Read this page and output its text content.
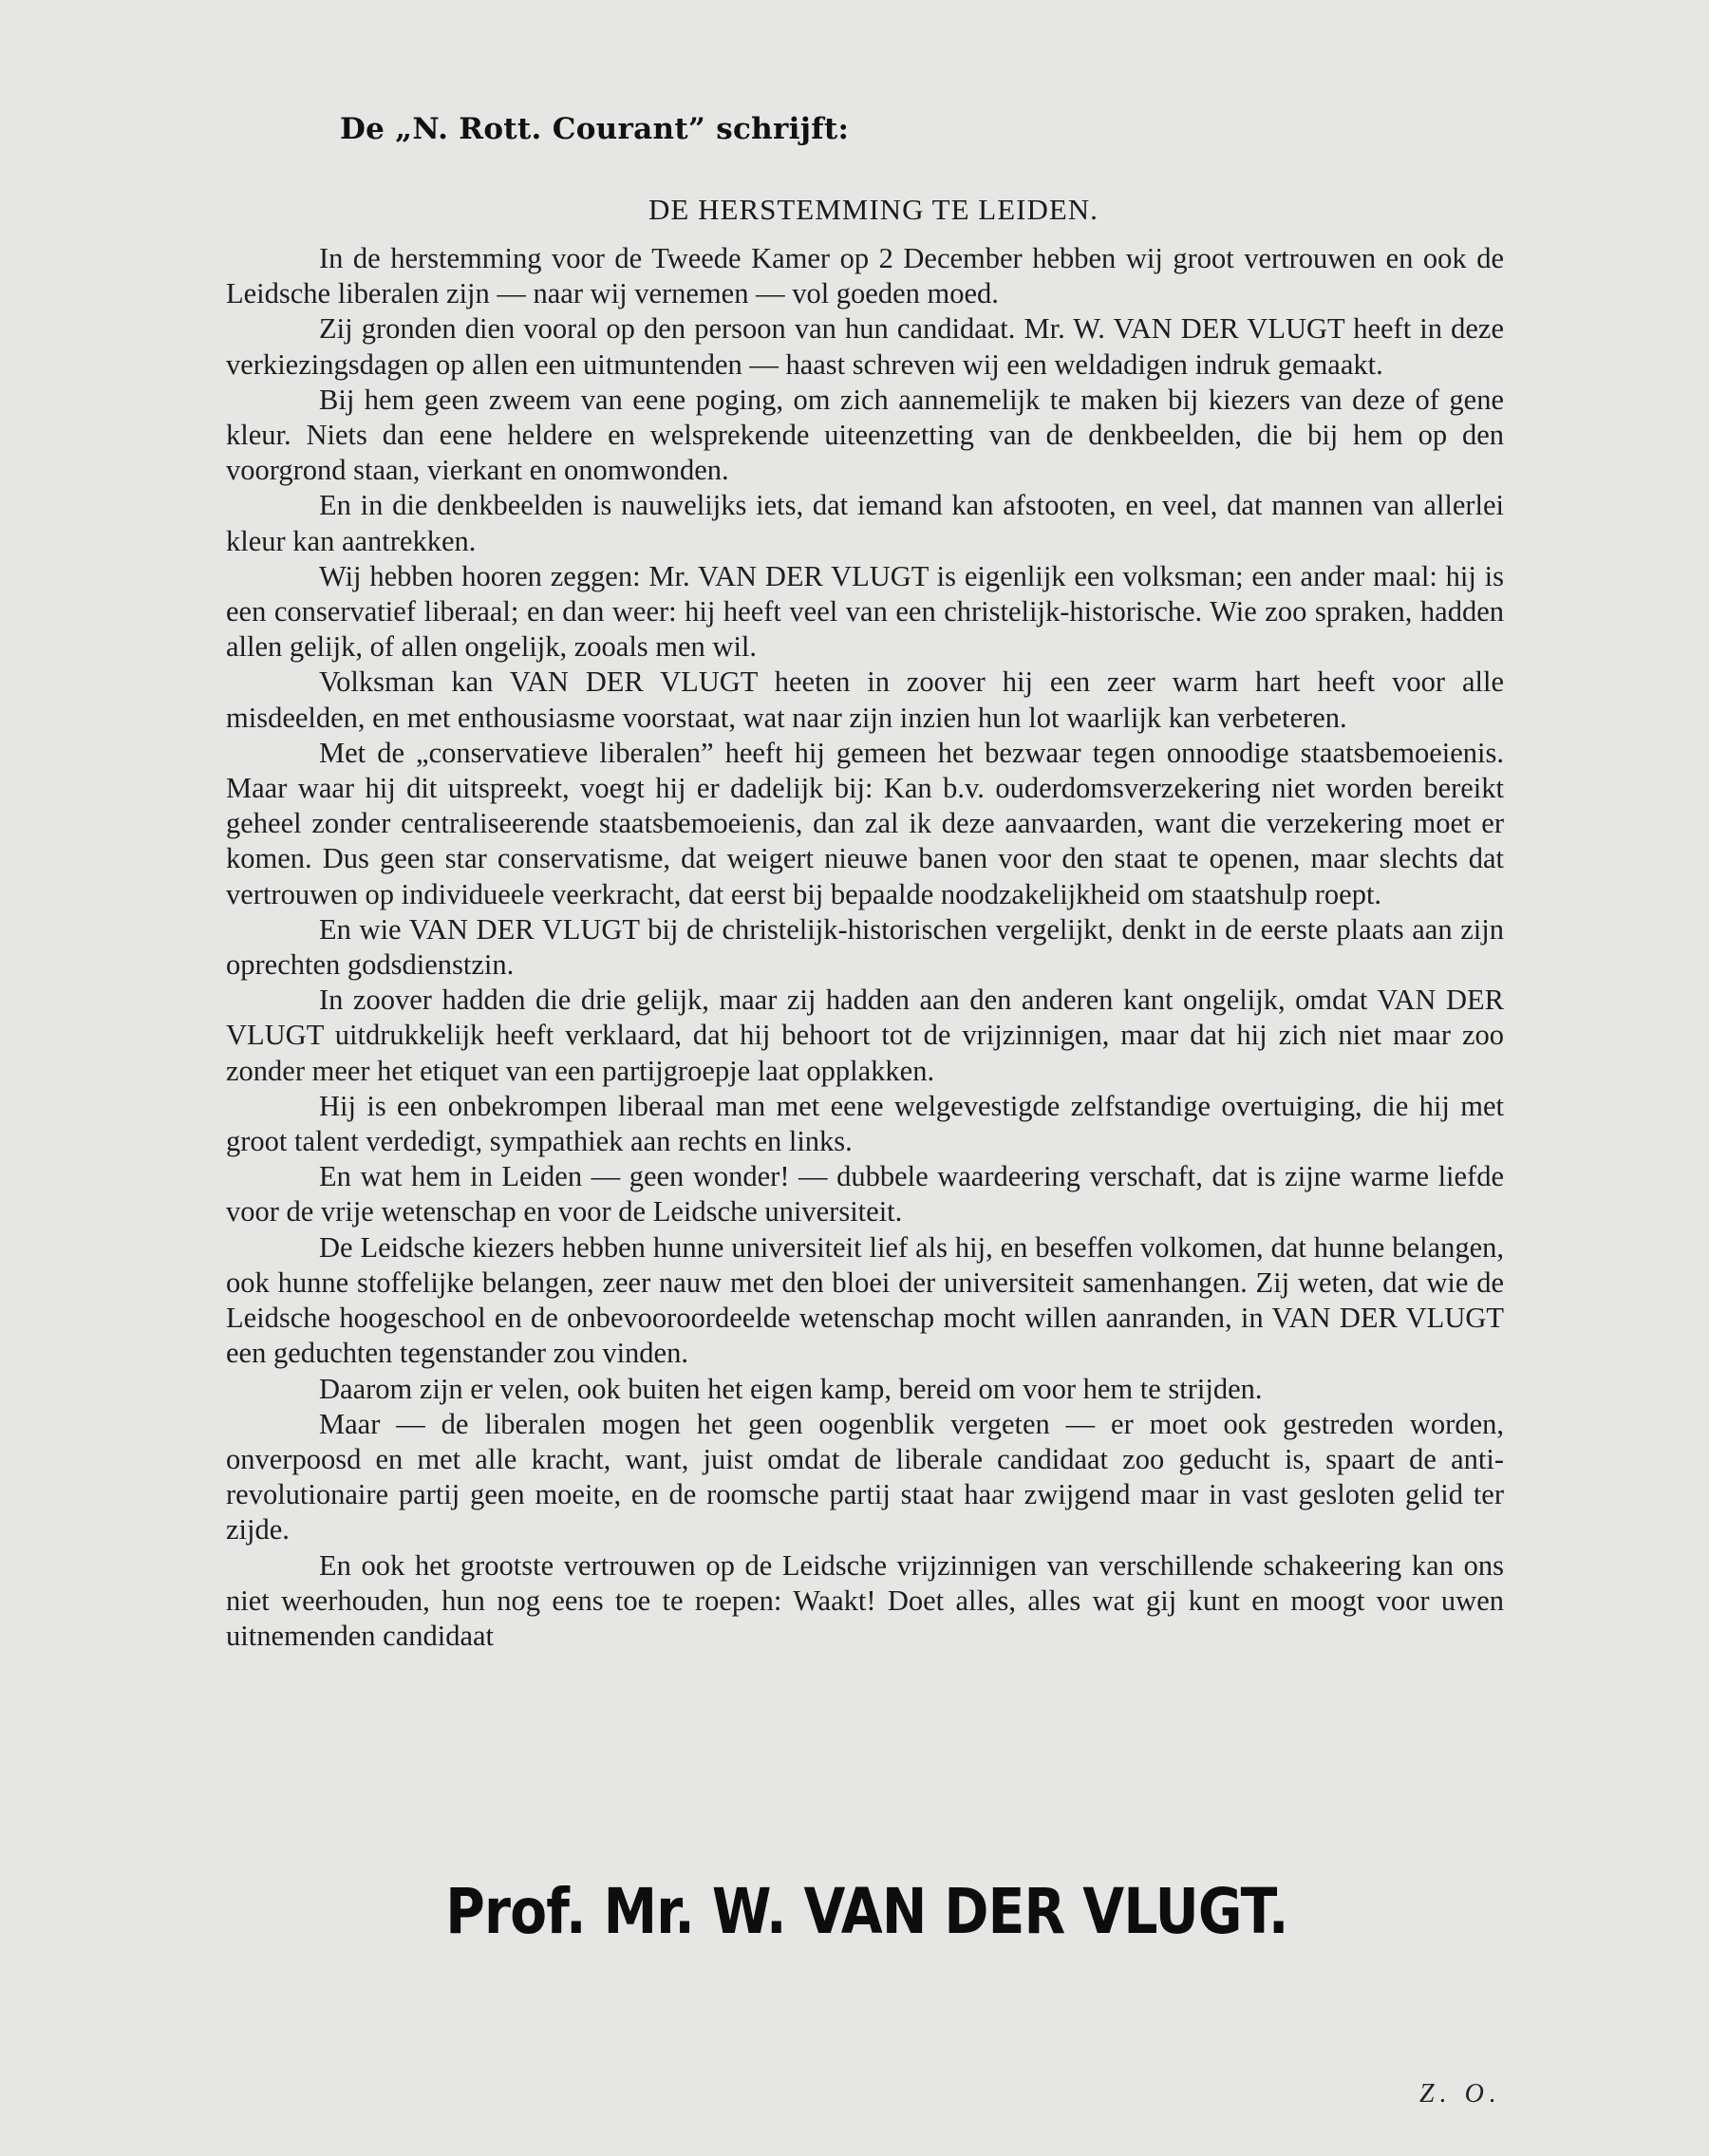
De „N. Rott. Courant” schrijft:
DE HERSTEMMING TE LEIDEN.

In de herstemming voor de Tweede Kamer op 2 December hebben wij groot vertrouwen en ook de Leidsche liberalen zijn — naar wij vernemen — vol goeden moed.

Zij gronden dien vooral op den persoon van hun candidaat. Mr. W. VAN DER VLUGT heeft in deze verkiezingsdagen op allen een uitmuntenden — haast schreven wij een weldadigen indruk gemaakt.

Bij hem geen zweem van eene poging, om zich aannemelijk te maken bij kiezers van deze of gene kleur. Niets dan eene heldere en welsprekende uiteenzetting van de denkbeelden, die bij hem op den voorgrond staan, vierkant en onomwonden.

En in die denkbeelden is nauwelijks iets, dat iemand kan afstooten, en veel, dat mannen van allerlei kleur kan aantrekken.

Wij hebben hooren zeggen: Mr. VAN DER VLUGT is eigenlijk een volksman; een ander maal: hij is een conservatief liberaal; en dan weer: hij heeft veel van een christelijk-historische. Wie zoo spraken, hadden allen gelijk, of allen ongelijk, zooals men wil.

Volksman kan VAN DER VLUGT heeten in zoover hij een zeer warm hart heeft voor alle misdeelden, en met enthousiasme voorstaat, wat naar zijn inzien hun lot waarlijk kan verbeteren.

Met de „conservatieve liberalen” heeft hij gemeen het bezwaar tegen onnoodige staatsbemoeienis. Maar waar hij dit uitspreekt, voegt hij er dadelijk bij: Kan b.v. ouderdomsverzekering niet worden bereikt geheel zonder centraliseerende staatsbemoeienis, dan zal ik deze aanvaarden, want die verzekering moet er komen. Dus geen star conservatisme, dat weigert nieuwe banen voor den staat te openen, maar slechts dat vertrouwen op individueele veerkracht, dat eerst bij bepaalde noodzakelijkheid om staatshulp roept.

En wie VAN DER VLUGT bij de christelijk-historischen vergelijkt, denkt in de eerste plaats aan zijn oprechten godsdienstzin.

In zoover hadden die drie gelijk, maar zij hadden aan den anderen kant ongelijk, omdat VAN DER VLUGT uitdrukkelijk heeft verklaard, dat hij behoort tot de vrijzinnigen, maar dat hij zich niet maar zoo zonder meer het etiquet van een partijgroepje laat opplakken.

Hij is een onbekrompen liberaal man met eene welgevestigde zelfstandige overtuiging, die hij met groot talent verdedigt, sympathiek aan rechts en links.

En wat hem in Leiden — geen wonder! — dubbele waardeering verschaft, dat is zijne warme liefde voor de vrije wetenschap en voor de Leidsche universiteit.

De Leidsche kiezers hebben hunne universiteit lief als hij, en beseffen volkomen, dat hunne belangen, ook hunne stoffelijke belangen, zeer nauw met den bloei der universiteit samenhangen. Zij weten, dat wie de Leidsche hoogeschool en de onbevooroordeelde wetenschap mocht willen aanranden, in VAN DER VLUGT een geduchten tegenstander zou vinden.

Daarom zijn er velen, ook buiten het eigen kamp, bereid om voor hem te strijden.

Maar — de liberalen mogen het geen oogenblik vergeten — er moet ook gestreden worden, onverpoosd en met alle kracht, want, juist omdat de liberale candidaat zoo geducht is, spaart de anti-revolutionaire partij geen moeite, en de roomsche partij staat haar zwijgend maar in vast gesloten gelid ter zijde.

En ook het grootste vertrouwen op de Leidsche vrijzinnigen van verschillende schakeering kan ons niet weerhouden, hun nog eens toe te roepen: Waakt! Doet alles, alles wat gij kunt en moogt voor uwen uitnemenden candidaat

Prof. Mr. W. VAN DER VLUGT.
Z. O.
